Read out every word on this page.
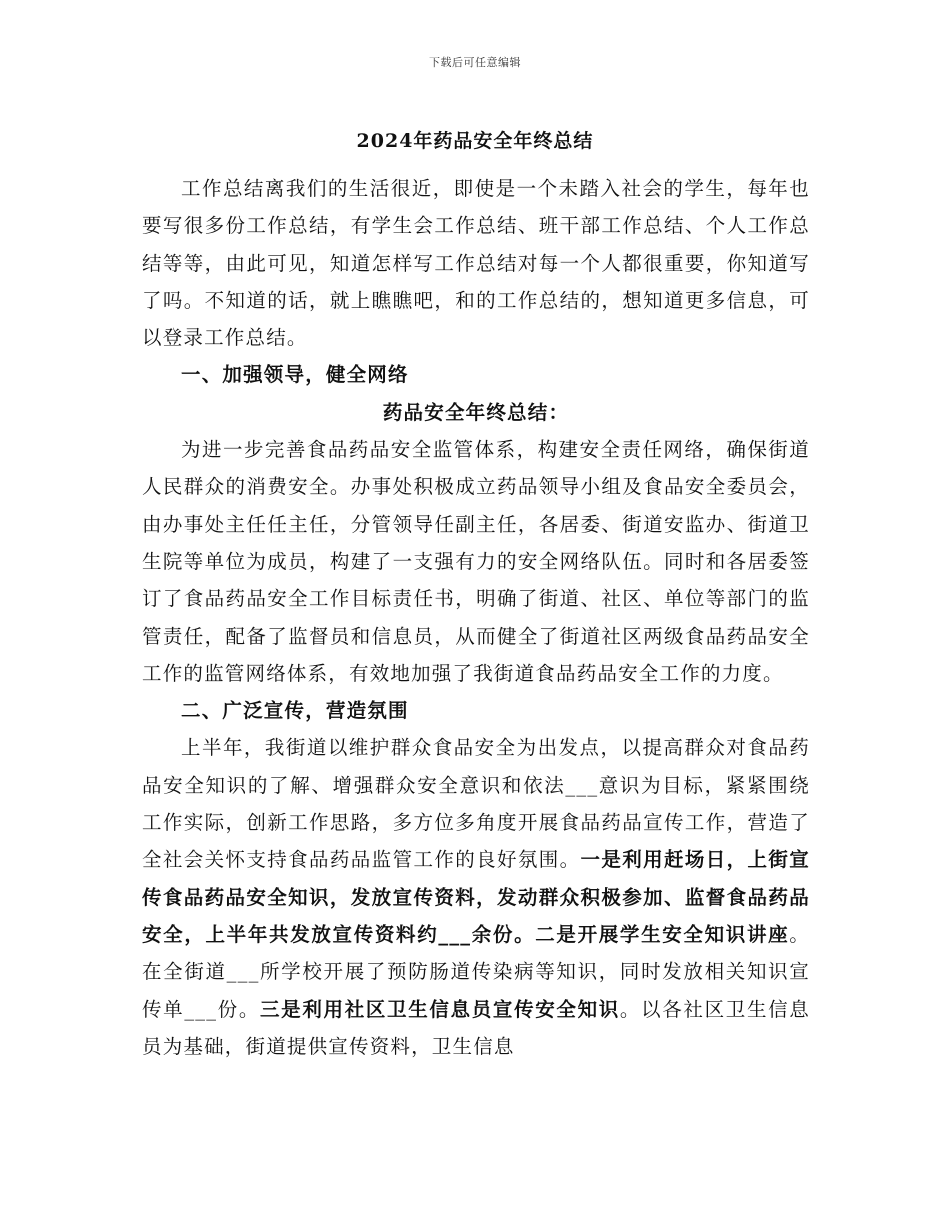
下载后可任意编辑
2024年药品安全年终总结

工作总结离我们的生活很近，即使是一个未踏入社会的学生，每年也要写很多份工作总结，有学生会工作总结、班干部工作总结、个人工作总结等等，由此可见，知道怎样写工作总结对每一个人都很重要，你知道写了吗。不知道的话，就上瞧瞧吧，和的工作总结的，想知道更多信息，可以登录工作总结。

一、加强领导，健全网络

药品安全年终总结：

为进一步完善食品药品安全监管体系，构建安全责任网络，确保街道人民群众的消费安全。办事处积极成立药品领导小组及食品安全委员会，由办事处主任任主任，分管领导任副主任，各居委、街道安监办、街道卫生院等单位为成员，构建了一支强有力的安全网络队伍。同时和各居委签订了食品药品安全工作目标责任书，明确了街道、社区、单位等部门的监管责任，配备了监督员和信息员，从而健全了街道社区两级食品药品安全工作的监管网络体系，有效地加强了我街道食品药品安全工作的力度。

二、广泛宣传，营造氛围

上半年，我街道以维护群众食品安全为出发点，以提高群众对食品药品安全知识的了解、增强群众安全意识和依法___意识为目标，紧紧围绕工作实际，创新工作思路，多方位多角度开展食品药品宣传工作，营造了全社会关怀支持食品药品监管工作的良好氛围。一是利用赶场日，上街宣传食品药品安全知识，发放宣传资料，发动群众积极参加、监督食品药品安全，上半年共发放宣传资料约___余份。二是开展学生安全知识讲座。在全街道___所学校开展了预防肠道传染病等知识，同时发放相关知识宣传单___份。三是利用社区卫生信息员宣传安全知识。以各社区卫生信息员为基础，街道提供宣传资料，卫生信息
